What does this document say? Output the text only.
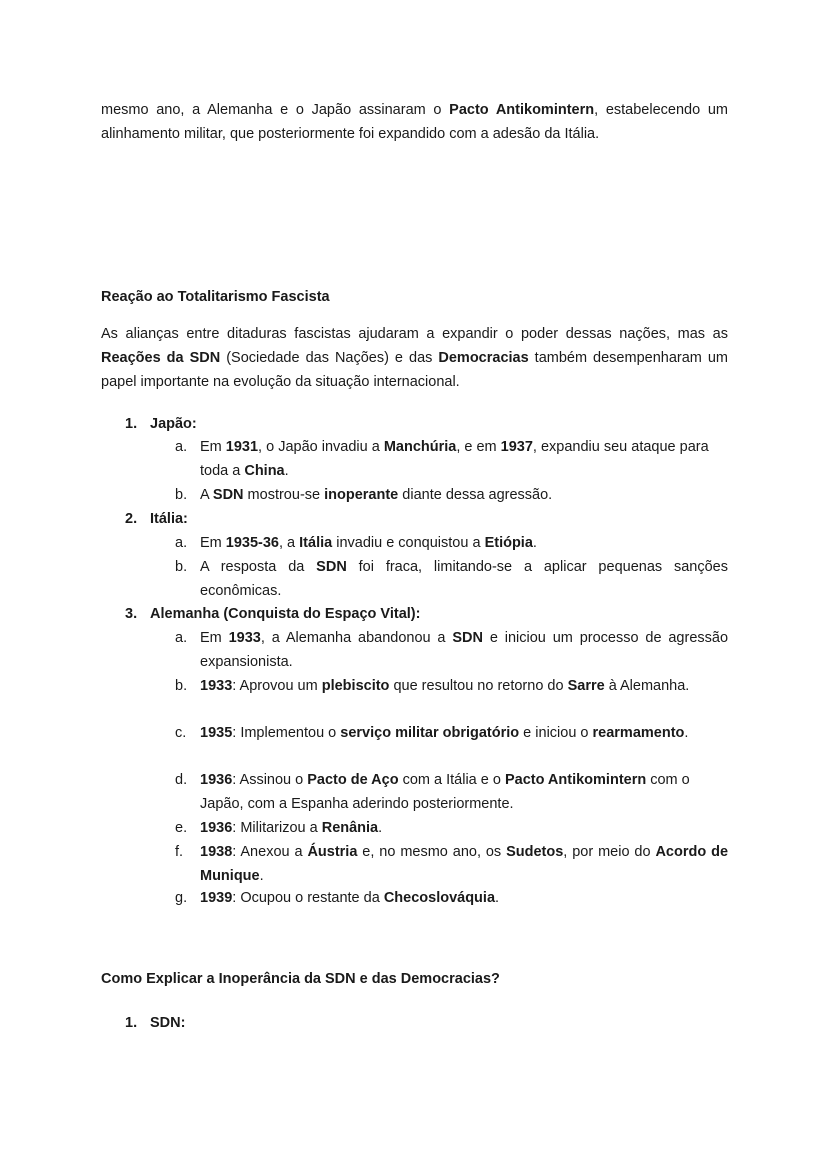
mesmo ano, a Alemanha e o Japão assinaram o Pacto Antikomintern, estabelecendo um alinhamento militar, que posteriormente foi expandido com a adesão da Itália.
Reação ao Totalitarismo Fascista
As alianças entre ditaduras fascistas ajudaram a expandir o poder dessas nações, mas as Reações da SDN (Sociedade das Nações) e das Democracias também desempenharam um papel importante na evolução da situação internacional.
1. Japão:
a. Em 1931, o Japão invadiu a Manchúria, e em 1937, expandiu seu ataque para toda a China.
b. A SDN mostrou-se inoperante diante dessa agressão.
2. Itália:
a. Em 1935-36, a Itália invadiu e conquistou a Etiópia.
b. A resposta da SDN foi fraca, limitando-se a aplicar pequenas sanções econômicas.
3. Alemanha (Conquista do Espaço Vital):
a. Em 1933, a Alemanha abandonou a SDN e iniciou um processo de agressão expansionista.
b. 1933: Aprovou um plebiscito que resultou no retorno do Sarre à Alemanha.
c. 1935: Implementou o serviço militar obrigatório e iniciou o rearmamento.
d. 1936: Assinou o Pacto de Aço com a Itália e o Pacto Antikomintern com o Japão, com a Espanha aderindo posteriormente.
e. 1936: Militarizou a Renânia.
f.	1938: Anexou a Áustria e, no mesmo ano, os Sudetos, por meio do Acordo de Munique.
g. 1939: Ocupou o restante da Checoslováquia.
Como Explicar a Inoperância da SDN e das Democracias?
1. SDN:
